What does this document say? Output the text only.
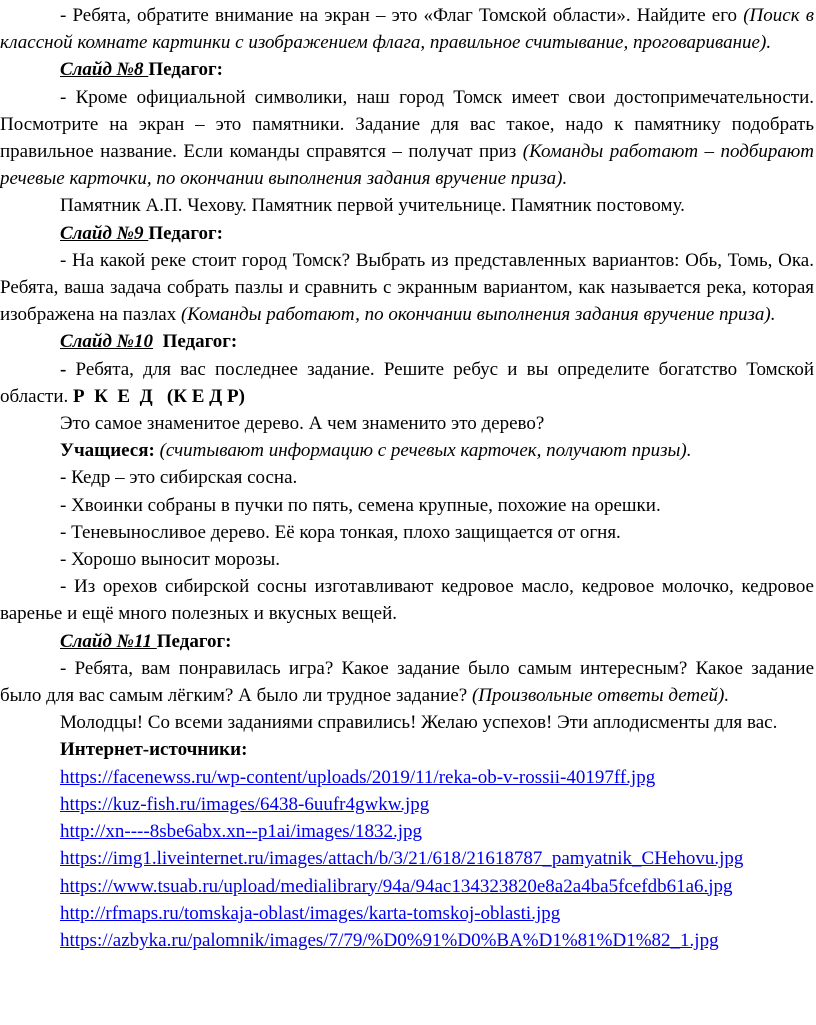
- Ребята, обратите внимание на экран – это «Флаг Томской области». Найдите его (Поиск в классной комнате картинки с изображением флага, правильное считывание, проговаривание).

Слайд №8 Педагог:

- Кроме официальной символики, наш город Томск имеет свои достопримечательности. Посмотрите на экран – это памятники. Задание для вас такое, надо к памятнику подобрать правильное название. Если команды справятся – получат приз (Команды работают – подбирают речевые карточки, по окончании выполнения задания вручение приза).

Памятник А.П. Чехову. Памятник первой учительнице. Памятник постовому.

Слайд №9 Педагог:

- На какой реке стоит город Томск? Выбрать из представленных вариантов: Обь, Томь, Ока. Ребята, ваша задача собрать пазлы и сравнить с экранным вариантом, как называется река, которая изображена на пазлах (Команды работают, по окончании выполнения задания вручение приза).

Слайд №10  Педагог:

- Ребята, для вас последнее задание. Решите ребус и вы определите богатство Томской области. Р  К  Е  Д   (К Е Д Р)

Это самое знаменитое дерево. А чем знаменито это дерево?

Учащиеся: (считывают информацию с речевых карточек, получают призы).

- Кедр – это сибирская сосна.

- Хвоинки собраны в пучки по пять, семена крупные, похожие на орешки.

- Теневыносливое дерево. Её кора тонкая, плохо защищается от огня.

- Хорошо выносит морозы.

- Из орехов сибирской сосны изготавливают кедровое масло, кедровое молочко, кедровое варенье и ещё много полезных и вкусных вещей.

Слайд №11 Педагог:

- Ребята, вам понравилась игра? Какое задание было самым интересным? Какое задание было для вас самым лёгким? А было ли трудное задание? (Произвольные ответы детей).

Молодцы! Со всеми заданиями справились! Желаю успехов! Эти аплодисменты для вас.

Интернет-источники:

https://facenewss.ru/wp-content/uploads/2019/11/reka-ob-v-rossii-40197ff.jpg
https://kuz-fish.ru/images/6438-6uufr4gwkw.jpg
http://xn----8sbe6abx.xn--p1ai/images/1832.jpg
https://img1.liveinternet.ru/images/attach/b/3/21/618/21618787_pamyatnik_CHehovu.jpg
https://www.tsuab.ru/upload/medialibrary/94a/94ac134323820e8a2a4ba5fcefdb61a6.jpg
http://rfmaps.ru/tomskaja-oblast/images/karta-tomskoj-oblasti.jpg
https://azbyka.ru/palomnik/images/7/79/%D0%91%D0%BA%D1%81%D1%82_1.jpg
